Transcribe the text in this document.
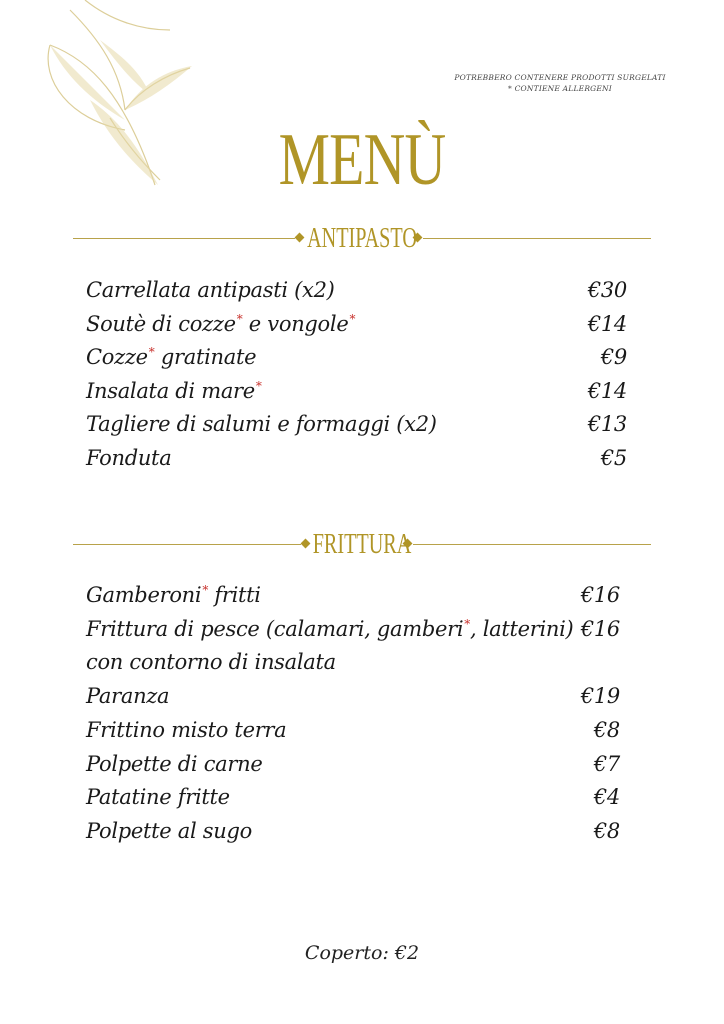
POTREBBERO CONTENERE PRODOTTI SURGELATI
* CONTIENE ALLERGENI
MENÙ
ANTIPASTO
Carrellata antipasti (x2)	€30
Soutè di cozze* e vongole*	€14
Cozze* gratinate	€9
Insalata di mare*	€14
Tagliere di salumi e formaggi (x2)	€13
Fonduta	€5
FRITTURA
Gamberoni* fritti	€16
Frittura di pesce (calamari, gamberi*, latterini) €16
con contorno di insalata
Paranza	€19
Frittino misto terra	€8
Polpette di carne	€7
Patatine fritte	€4
Polpette al sugo	€8
Coperto: €2
